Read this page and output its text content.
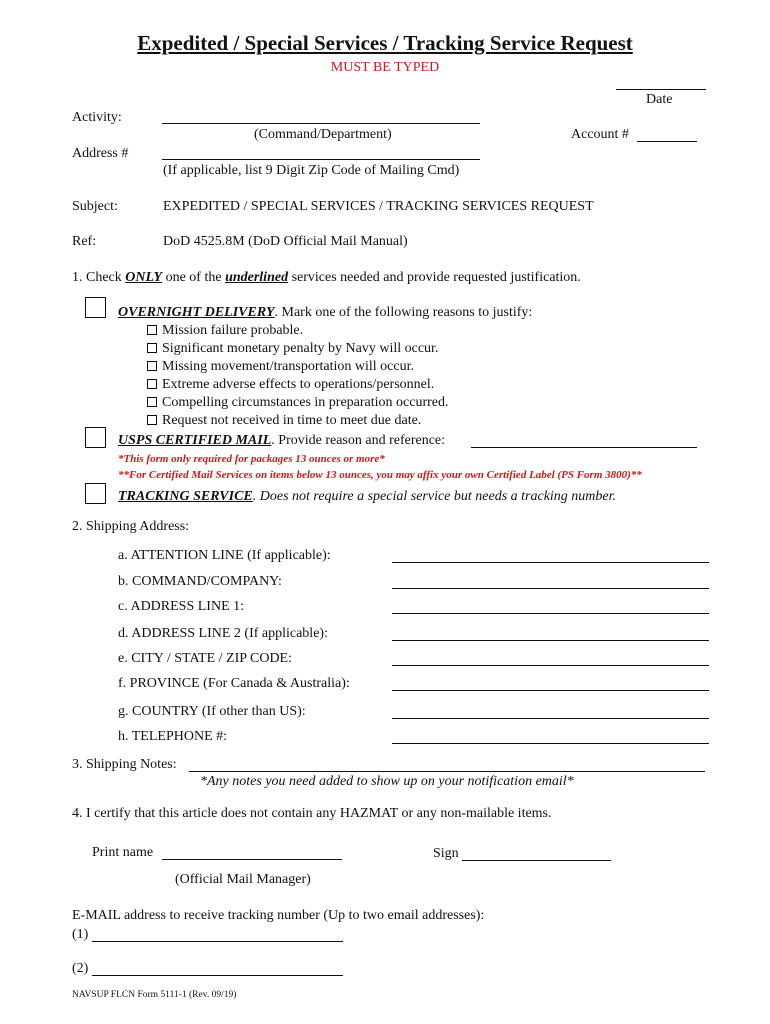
Expedited / Special Services / Tracking Service Request
MUST BE TYPED
Date
Activity:
(Command/Department)	Account #
Address #
(If applicable, list 9 Digit Zip Code of Mailing Cmd)
Subject:	EXPEDITED / SPECIAL SERVICES / TRACKING SERVICES REQUEST
Ref:	DoD 4525.8M (DoD Official Mail Manual)
1. Check ONLY one of the underlined services needed and provide requested justification.
OVERNIGHT DELIVERY. Mark one of the following reasons to justify:
Mission failure probable.
Significant monetary penalty by Navy will occur.
Missing movement/transportation will occur.
Extreme adverse effects to operations/personnel.
Compelling circumstances in preparation occurred.
Request not received in time to meet due date.
USPS CERTIFIED MAIL. Provide reason and reference:
*This form only required for packages 13 ounces or more*
**For Certified Mail Services on items below 13 ounces, you may affix your own Certified Label (PS Form 3800)**
TRACKING SERVICE. Does not require a special service but needs a tracking number.
2. Shipping Address:
a. ATTENTION LINE (If applicable):
b. COMMAND/COMPANY:
c. ADDRESS LINE 1:
d. ADDRESS LINE 2 (If applicable):
e. CITY / STATE / ZIP CODE:
f. PROVINCE (For Canada & Australia):
g. COUNTRY (If other than US):
h. TELEPHONE #:
3. Shipping Notes:
*Any notes you need added to show up on your notification email*
4. I certify that this article does not contain any HAZMAT or any non-mailable items.
Print name	Sign
(Official Mail Manager)
E-MAIL address to receive tracking number (Up to two email addresses):
(1)
(2)
NAVSUP FLCN Form 5111-1 (Rev. 09/19)
